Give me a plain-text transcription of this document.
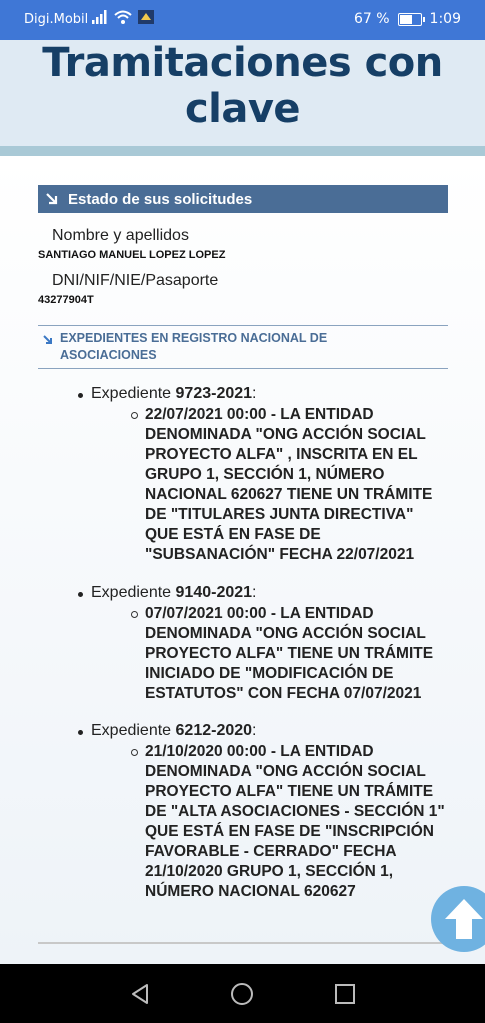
Digi.Mobil	67 %	1:09
Tramitaciones con
clave
Estado de sus solicitudes
Nombre y apellidos
SANTIAGO MANUEL LOPEZ LOPEZ
DNI/NIF/NIE/Pasaporte
43277904T
EXPEDIENTES EN REGISTRO NACIONAL DE
ASOCIACIONES
Expediente 9723-2021:
22/07/2021 00:00 - LA ENTIDAD DENOMINADA "ONG ACCIÓN SOCIAL PROYECTO ALFA" , INSCRITA EN EL GRUPO 1, SECCIÓN 1, NÚMERO NACIONAL 620627 TIENE UN TRÁMITE DE "TITULARES JUNTA DIRECTIVA" QUE ESTÁ EN FASE DE "SUBSANACIÓN" FECHA 22/07/2021
Expediente 9140-2021:
07/07/2021 00:00 - LA ENTIDAD DENOMINADA "ONG ACCIÓN SOCIAL PROYECTO ALFA" TIENE UN TRÁMITE INICIADO DE "MODIFICACIÓN DE ESTATUTOS" CON FECHA 07/07/2021
Expediente 6212-2020:
21/10/2020 00:00 - LA ENTIDAD DENOMINADA "ONG ACCIÓN SOCIAL PROYECTO ALFA" TIENE UN TRÁMITE DE "ALTA ASOCIACIONES - SECCIÓN 1" QUE ESTÁ EN FASE DE "INSCRIPCIÓN FAVORABLE - CERRADO" FECHA 21/10/2020 GRUPO 1, SECCIÓN 1, NÚMERO NACIONAL 620627
